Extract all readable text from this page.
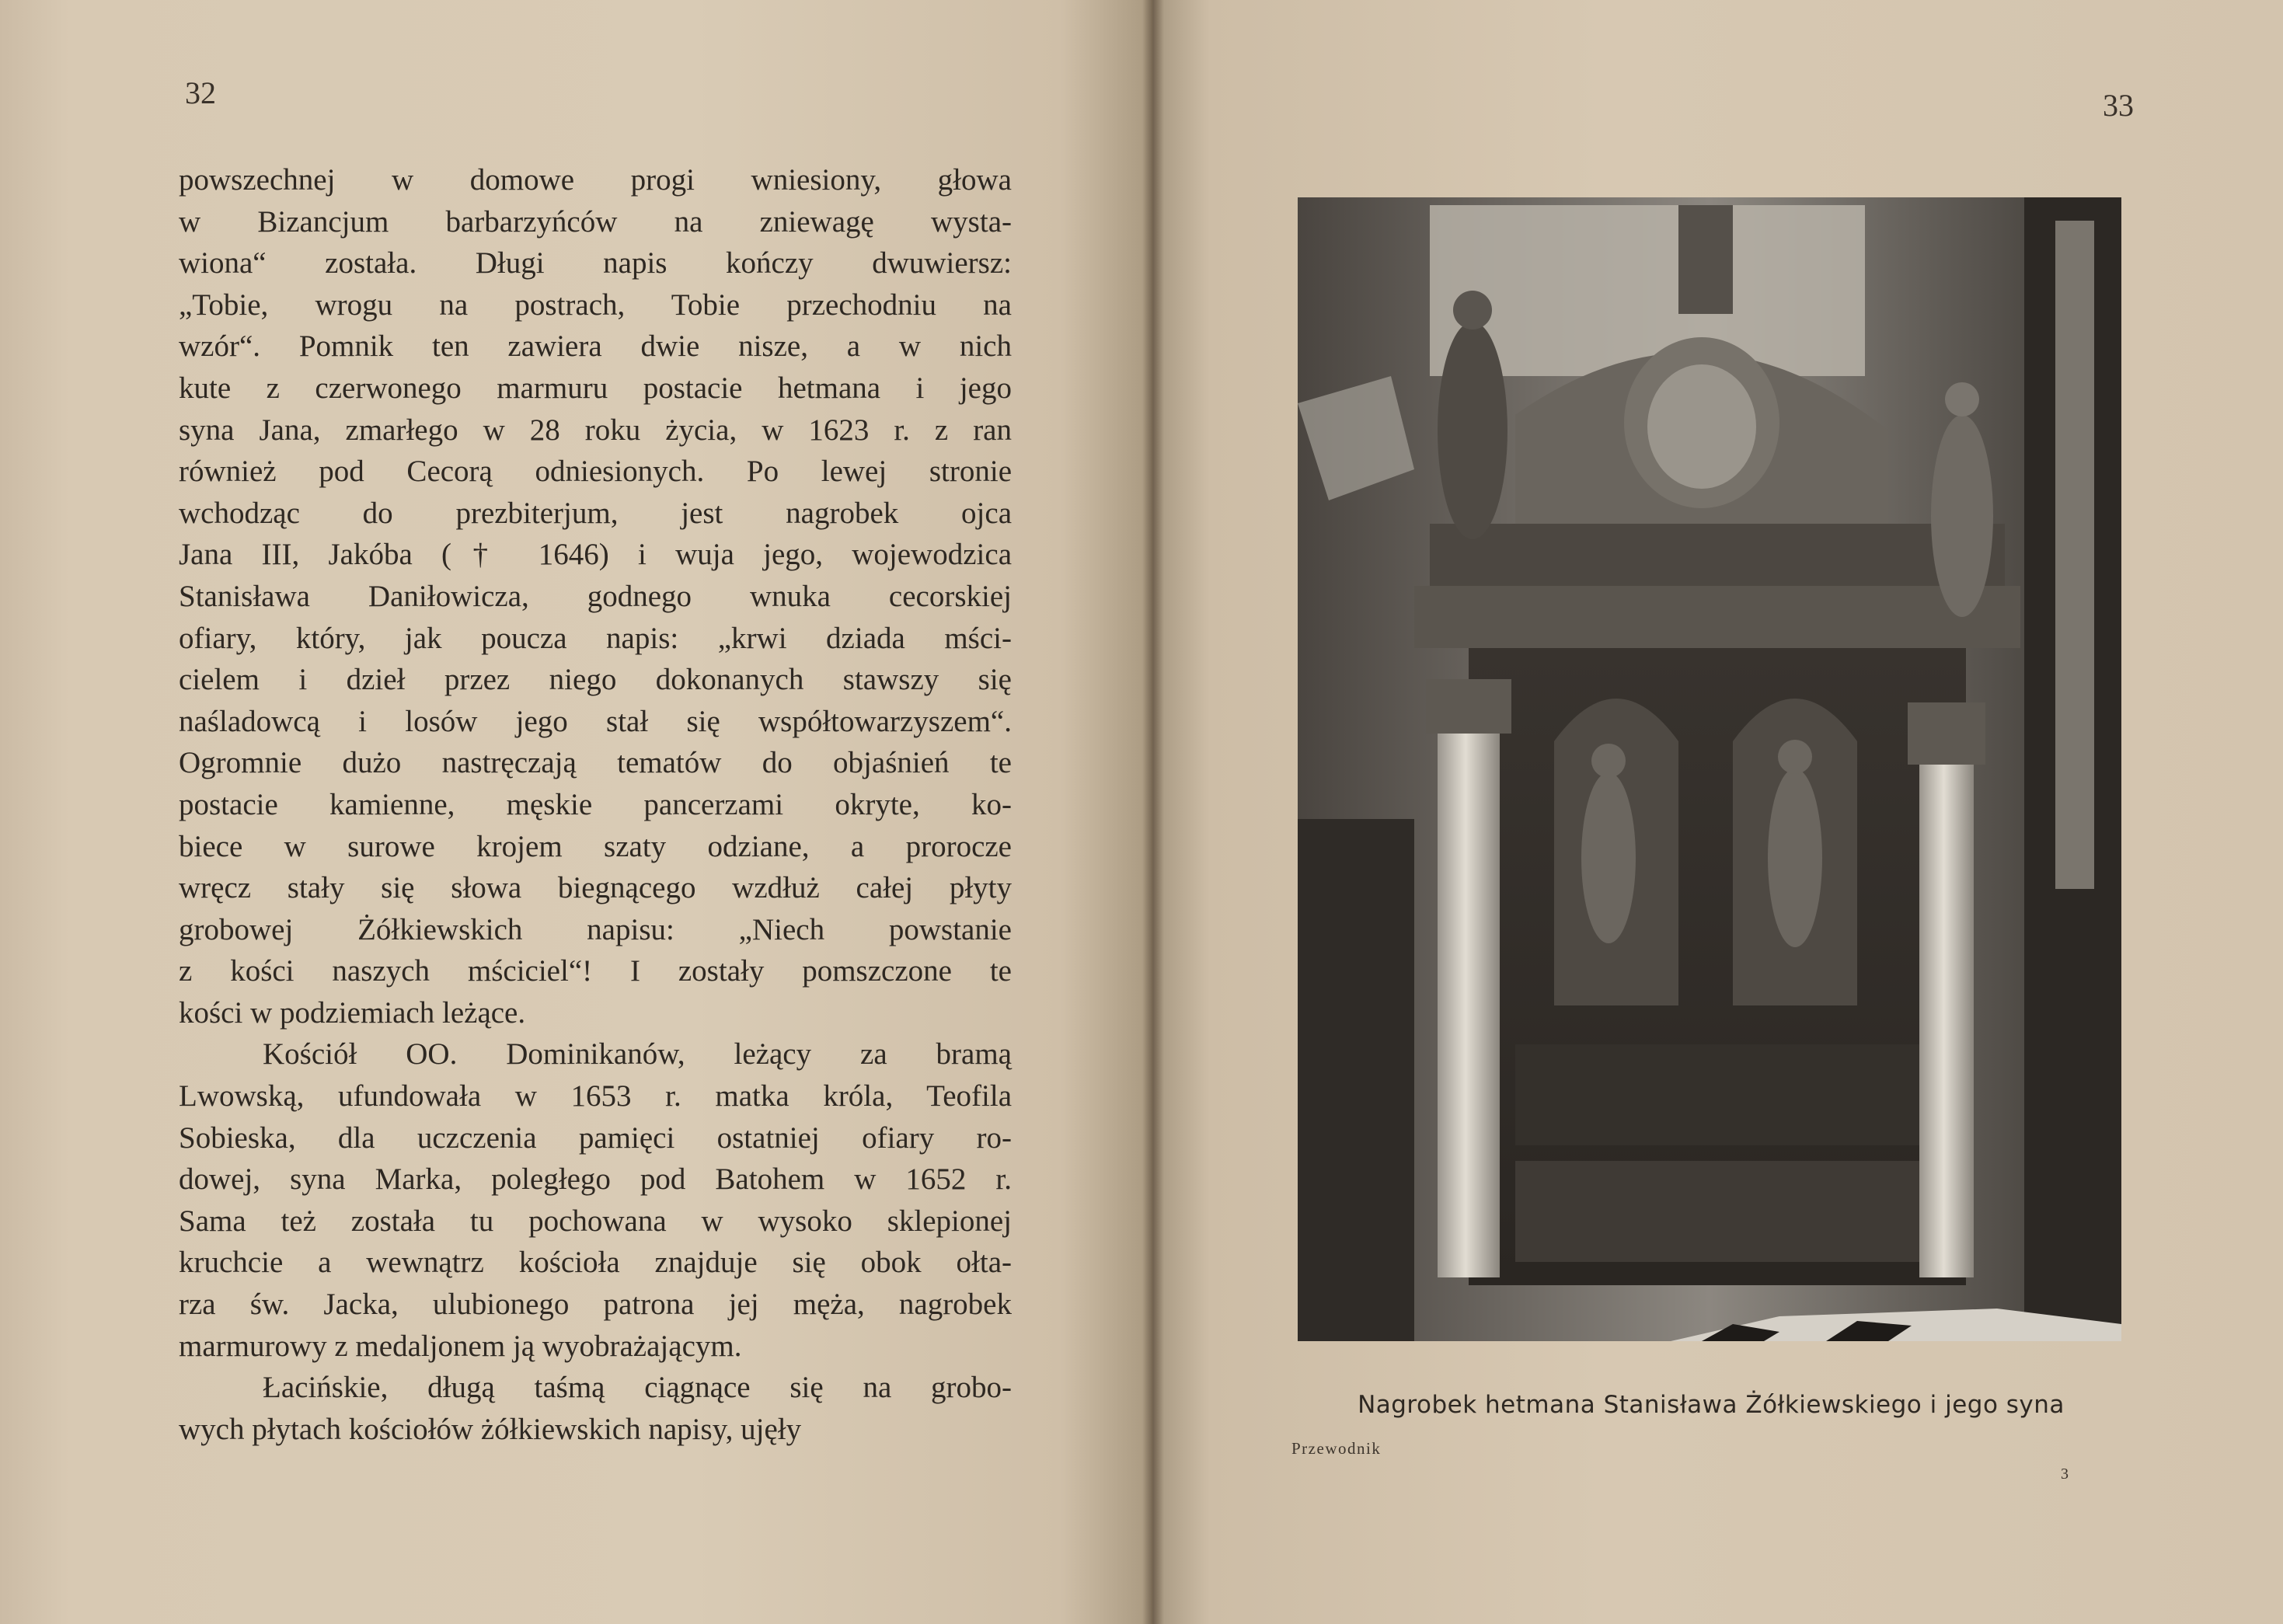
32

powszechnej w domowe progi wniesiony, głowa
w Bizancjum barbarzyńców na zniewagę wysta-
wiona“ została. Długi napis kończy dwuwiersz:
„Tobie, wrogu na postrach, Tobie przechodniu na
wzór“. Pomnik ten zawiera dwie nisze, a w nich
kute z czerwonego marmuru postacie hetmana i jego
syna Jana, zmarłego w 28 roku życia, w 1623 r. z ran
również pod Cecorą odniesionych. Po lewej stronie
wchodząc do prezbiterjum, jest nagrobek ojca
Jana III, Jakóba († 1646) i wuja jego, wojewodzica
Stanisława Daniłowicza, godnego wnuka cecorskiej
ofiary, który, jak poucza napis: „krwi dziada mści-
cielem i dzieł przez niego dokonanych stawszy się
naśladowcą i losów jego stał się współtowarzyszem“.
Ogromnie dużo nastręczają tematów do objaśnień te
postacie kamienne, męskie pancerzami okryte, ko-
biece w surowe krojem szaty odziane, a prorocze
wręcz stały się słowa biegnącego wzdłuż całej płyty
grobowej Żółkiewskich napisu: „Niech powstanie
z kości naszych mściciel“! I zostały pomszczone te
kości w podziemiach leżące.
Kościół OO. Dominikanów, leżący za bramą
Lwowską, ufundowała w 1653 r. matka króla, Teofila
Sobieska, dla uczczenia pamięci ostatniej ofiary ro-
dowej, syna Marka, poległego pod Batohem w 1652 r.
Sama też została tu pochowana w wysoko sklepionej
kruchcie a wewnątrz kościoła znajduje się obok ołta-
rza św. Jacka, ulubionego patrona jej męża, nagrobek
marmurowy z medaljonem ją wyobrażającym.
Łacińskie, długą taśmą ciągnące się na grobo-
wych płytach kościołów żółkiewskich napisy, ujęły

33

Nagrobek hetmana Stanisława Żółkiewskiego i jego syna

Przewodnik

3
